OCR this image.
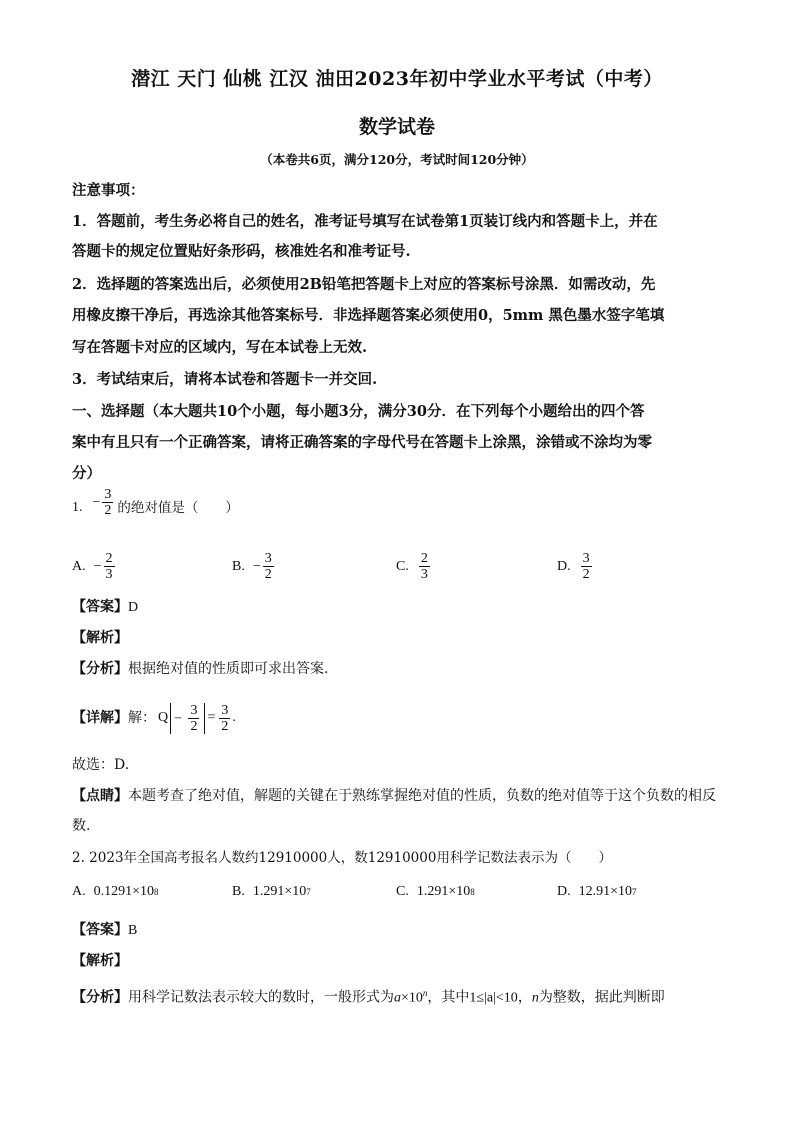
潜江 天门 仙桃 江汉 油田2023年初中学业水平考试（中考）
数学试卷
（本卷共6页，满分120分，考试时间120分钟）
注意事项：
1．答题前，考生务必将自己的姓名，准考证号填写在试卷第1页装订线内和答题卡上，并在
答题卡的规定位置贴好条形码，核准姓名和准考证号.
2．选择题的答案选出后，必须使用2B铅笔把答题卡上对应的答案标号涂黑．如需改动，先
用橡皮擦干净后，再选涂其他答案标号．非选择题答案必须使用0，5mm 黑色墨水签字笔填
写在答题卡对应的区域内，写在本试卷上无效.
3．考试结束后，请将本试卷和答题卡一并交回.
一、选择题（本大题共10个小题，每小题3分，满分30分．在下列每个小题给出的四个答
案中有且只有一个正确答案，请将正确答案的字母代号在答题卡上涂黑，涂错或不涂均为零
分）
1. − $\frac{3}{2}$ 的绝对值是（　　）
A. − $\frac{2}{3}$	B. − $\frac{3}{2}$	C. $\frac{2}{3}$	D. $\frac{3}{2}$
【答案】D
【解析】
【分析】根据绝对值的性质即可求出答案.
【详解】 解： $Q - \frac{3}{2} = \frac{3}{2}$ .
故选：D.
【点睛】本题考查了绝对值，解题的关键在于熟练掌握绝对值的性质，负数的绝对值等于这个负数的相反
数.
2. 2023年全国高考报名人数约12910000人，数12910000用科学记数法表示为（　　）
A. 0.1291×10 8	B. 1.291×10 7	C. 1.291×10 8	D. 12.91×10 7
【答案】B
【解析】
【分析】用科学记数法表示较大的数时，一般形式为$a\times 10^n$，其中1≤|a|<10，n为整数，据此判断即
